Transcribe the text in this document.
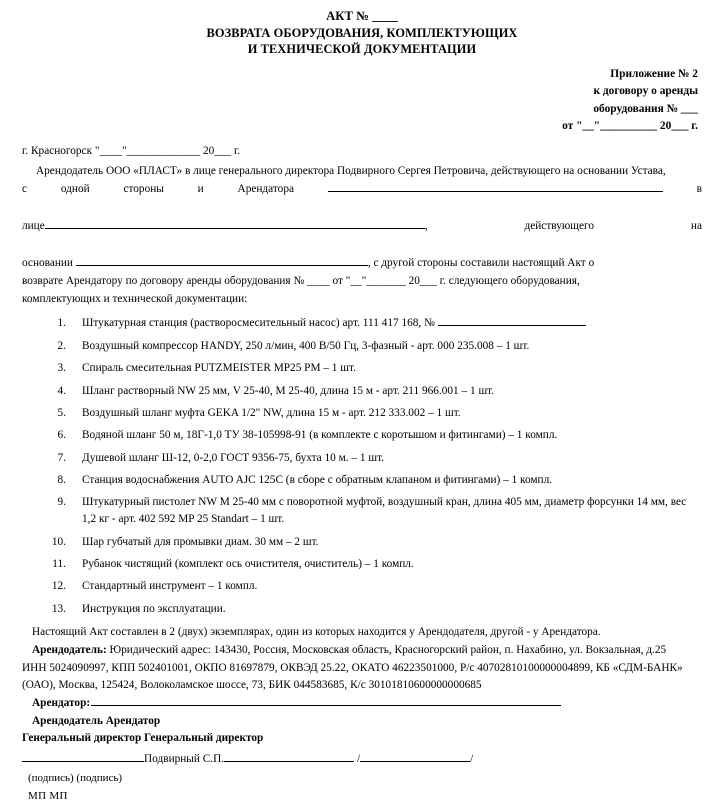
АКТ № ____
ВОЗВРАТА ОБОРУДОВАНИЯ, КОМПЛЕКТУЮЩИХ
И ТЕХНИЧЕСКОЙ ДОКУМЕНТАЦИИ
Приложение № 2
к договору о аренды
оборудования № ___
от "__"__________ 20___ г.
г. Красногорск "____"_____________ 20___ г.

Арендодатель ООО «ПЛАСТ» в лице генерального директора Подвирного Сергея Петровича, действующего на основании Устава,

с одной стороны и Арендатора	в

лице	,	действующего на

основании	, с другой стороны составили настоящий Акт о

возврате Арендатору по договору аренды оборудования № ____ от "__"_______ 20___ г. следующего оборудования,

комплектующих и технической документации:

Штукатурная станция (растворосмесительный насос) арт. 111 417 168, №
Воздушный компрессор HANDY, 250 л/мин, 400 В/50 Гц, 3-фазный - арт. 000 235.008 – 1 шт.
Спираль смесительная PUTZMEISTER MP25 PM – 1 шт.
Шланг растворный NW 25 мм, V 25-40, M 25-40, длина 15 м - арт. 211 966.001 – 1 шт.
Воздушный шланг муфта GEKA 1/2" NW, длина 15 м - арт. 212 333.002 – 1 шт.
Водяной шланг 50 м, 18Г-1,0 ТУ 38-105998-91 (в комплекте с коротышом и фитингами) – 1 компл.
Душевой шланг Ш-12, 0-2,0 ГОСТ 9356-75, бухта 10 м. – 1 шт.
Станция водоснабжения AUTO AJC 125C (в сборе с обратным клапаном и фитингами) – 1 компл.
Штукатурный пистолет NW M 25-40 мм с поворотной муфтой, воздушный кран, длина 405 мм, диаметр форсунки 14 мм, вес 1,2 кг - арт. 402 592 MP 25 Standart – 1 шт.
Шар губчатый для промывки диам. 30 мм – 2 шт.
Рубанок чистящий (комплект ось очистителя, очиститель) – 1 компл.
Стандартный инструмент – 1 компл.
Инструкция по эксплуатации.

Настоящий Акт составлен в 2 (двух) экземплярах, один из которых находится у Арендодателя, другой - у Арендатора.

Арендодатель: Юридический адрес: 143430, Россия, Московская область, Красногорский район, п. Нахабино, ул. Вокзальная, д.25

ИНН 5024090997, КПП 502401001, ОКПО 81697879, ОКВЭД 25.22, ОКАТО 46223501000, Р/с 40702810100000004899, КБ «СДМ-БАНК» (ОАО), Москва, 125424, Волоколамское шоссе, 73, БИК 044583685, К/с 30101810600000000685

Арендатор:
Арендодатель Арендатор
Генеральный директор Генеральный директор
Подвирный С.П.	/	/
(подпись) (подпись)
МП МП
